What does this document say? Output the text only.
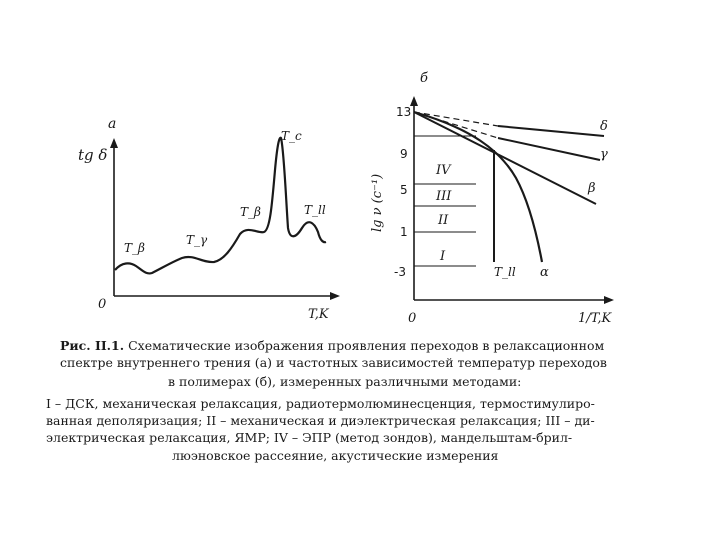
а
tg δ
0
T,K
T_β
T_γ
T_β
T_c
T_ll
б
0	1/T,K
lg ν (c⁻¹)
13
9
5
1
-3
IV
III
II
I
δ
γ
β
α
T_ll
Рис. II.1. Схематические изображения проявления переходов в релаксационном
спектре внутреннего трения (а) и частотных зависимостей температур переходов
в полимерах (б), измеренных различными методами:
I – ДСК, механическая релаксация, радиотермолюминесценция, термостимулиро-
ванная деполяризация; II – механическая и диэлектрическая релаксация; III – ди-
электрическая релаксация, ЯМР; IV – ЭПР (метод зондов), мандельштам-брил-
люэновское рассеяние, акустические измерения
